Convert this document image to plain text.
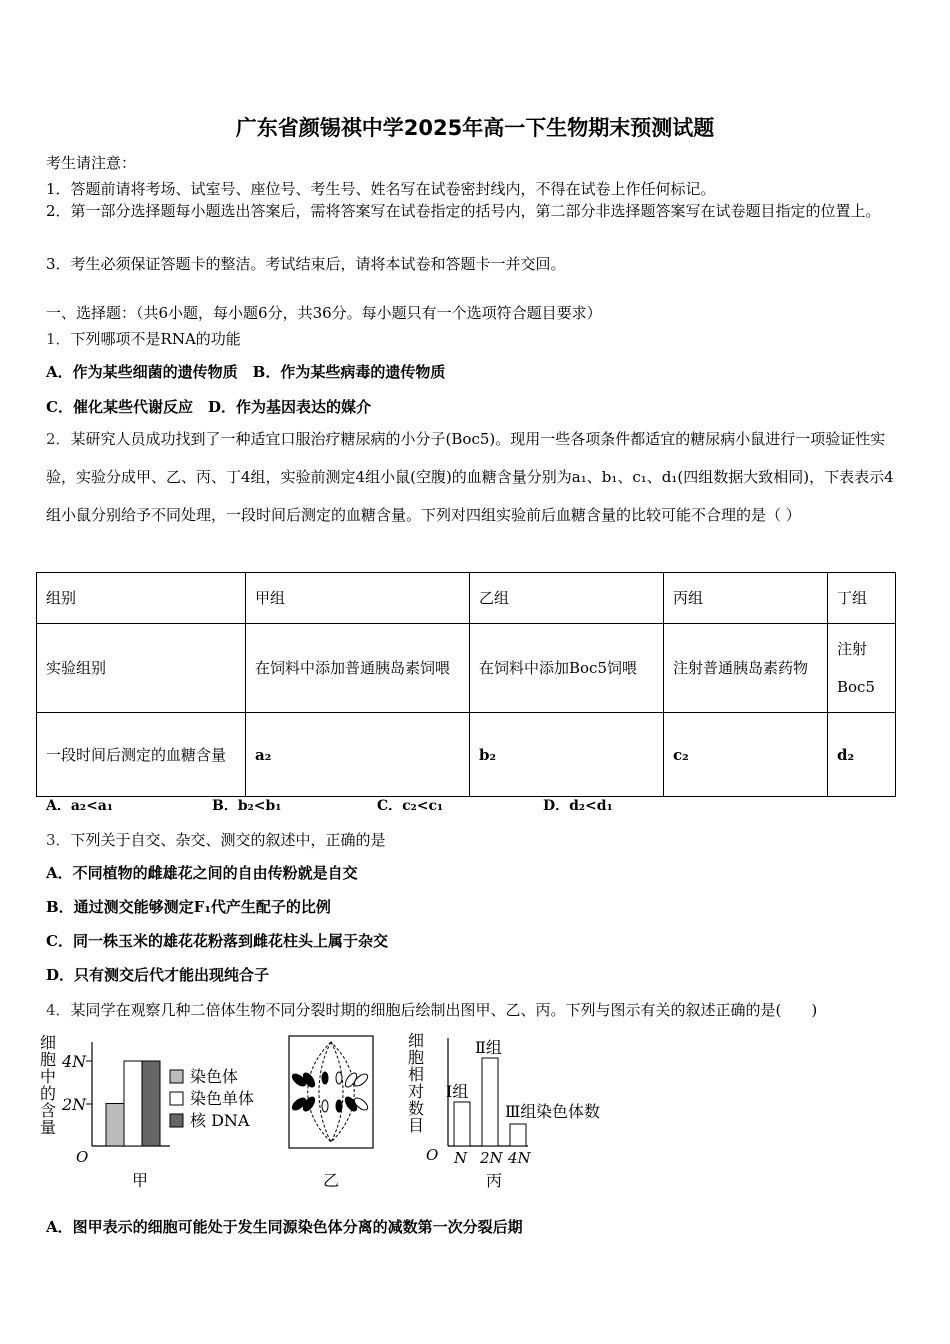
广东省颜锡祺中学2025年高一下生物期末预测试题
考生请注意：
1．答题前请将考场、试室号、座位号、考生号、姓名写在试卷密封线内，不得在试卷上作任何标记。
2．第一部分选择题每小题选出答案后，需将答案写在试卷指定的括号内，第二部分非选择题答案写在试卷题目指定的位置上。
3．考生必须保证答题卡的整洁。考试结束后，请将本试卷和答题卡一并交回。
一、选择题：（共6小题，每小题6分，共36分。每小题只有一个选项符合题目要求）
1．下列哪项不是RNA的功能
A．作为某些细菌的遗传物质　B．作为某些病毒的遗传物质
C．催化某些代谢反应　D．作为基因表达的媒介
2．某研究人员成功找到了一种适宜口服治疗糖尿病的小分子(Boc5)。现用一些各项条件都适宜的糖尿病小鼠进行一项验证性实验，实验分成甲、乙、丙、丁4组，实验前测定4组小鼠(空腹)的血糖含量分别为a₁、b₁、c₁、d₁(四组数据大致相同)，下表表示4组小鼠分别给予不同处理，一段时间后测定的血糖含量。下列对四组实验前后血糖含量的比较可能不合理的是（ ）
组别	甲组	乙组	丙组	丁组
实验组别	在饲料中添加普通胰岛素饲喂	在饲料中添加Boc5饲喂	注射普通胰岛素药物	注射Boc5
一段时间后测定的血糖含量	a₂	b₂	c₂	d₂
A．a₂<a₁	B．b₂<b₁	C．c₂<c₁	D．d₂<d₁
3．下列关于自交、杂交、测交的叙述中，正确的是
A．不同植物的雌雄花之间的自由传粉就是自交
B．通过测交能够测定F₁代产生配子的比例
C．同一株玉米的雄花花粉落到雌花柱头上属于杂交
D．只有测交后代才能出现纯合子
4．某同学在观察几种二倍体生物不同分裂时期的细胞后绘制出图甲、乙、丙。下列与图示有关的叙述正确的是(　　)
4N
2N
O
染色体
染色单体
核 DNA
甲
细胞中的含量
乙
Ⅰ组
Ⅱ组
Ⅲ组 染色体数
O N 2N 4N
丙
细胞相对数目
A．图甲表示的细胞可能处于发生同源染色体分离的减数第一次分裂后期
